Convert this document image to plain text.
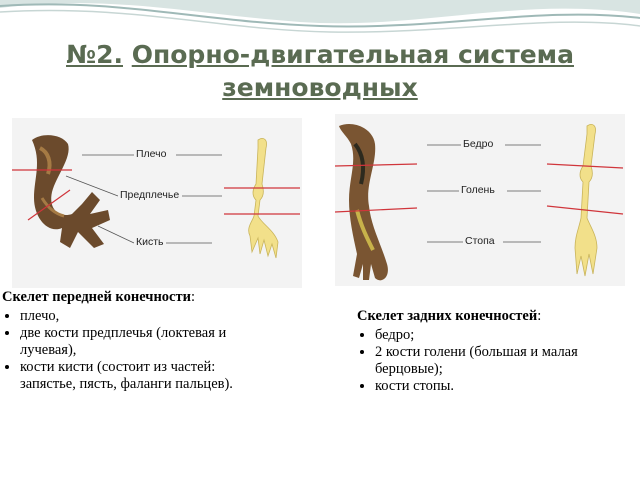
№2. Опорно-двигательная система
земноводных
Плечо
Предплечье
Кисть
Бедро
Голень
Стопа
Скелет передней конечности:
• плечо,
• две кости предплечья (локтевая и лучевая),
• кости кисти (состоит из частей: запястье, пясть, фаланги пальцев).
Скелет задних конечностей:
• бедро;
• 2 кости голени (большая и малая берцовые);
• кости стопы.
